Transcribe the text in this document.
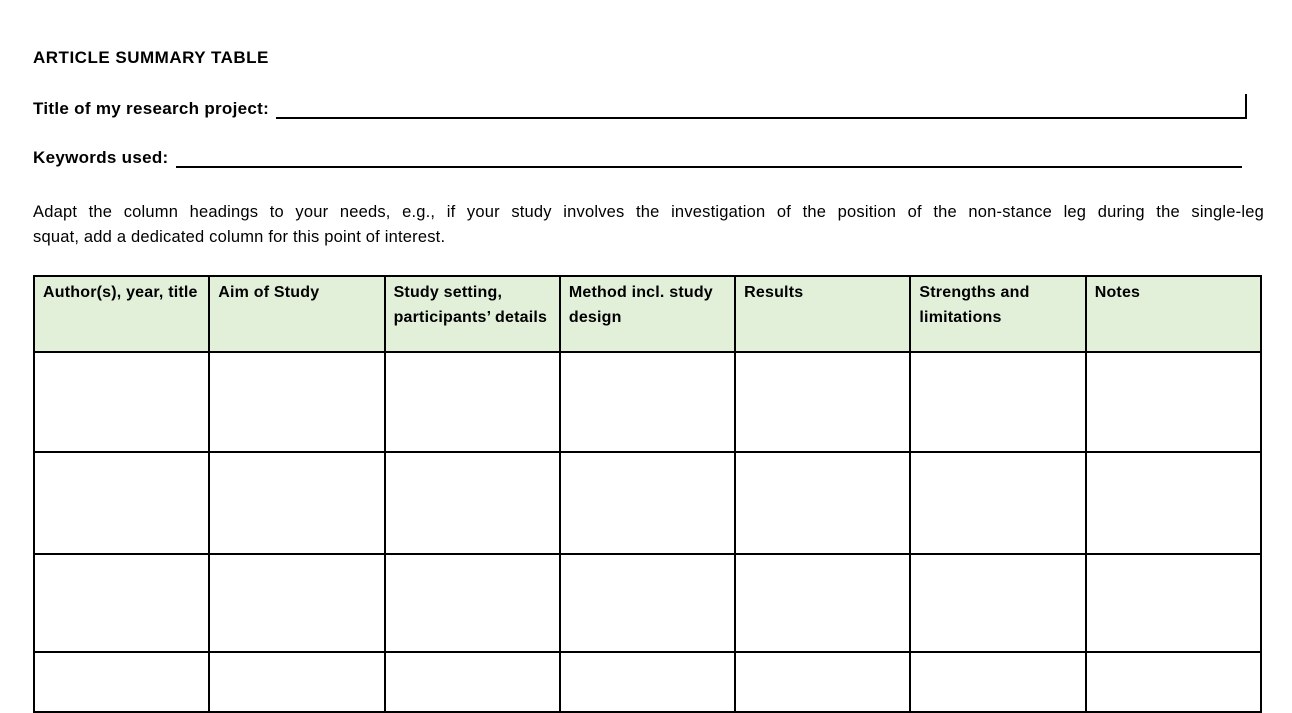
ARTICLE SUMMARY TABLE
Title of my research project:
Keywords used:
Adapt the column headings to your needs, e.g., if your study involves the investigation of the position of the non-stance leg during the single-leg
squat, add a dedicated column for this point of interest.
Author(s), year, title	Aim of Study	Study setting, participants’ details	Method incl. study design	Results	Strengths and limitations	Notes
